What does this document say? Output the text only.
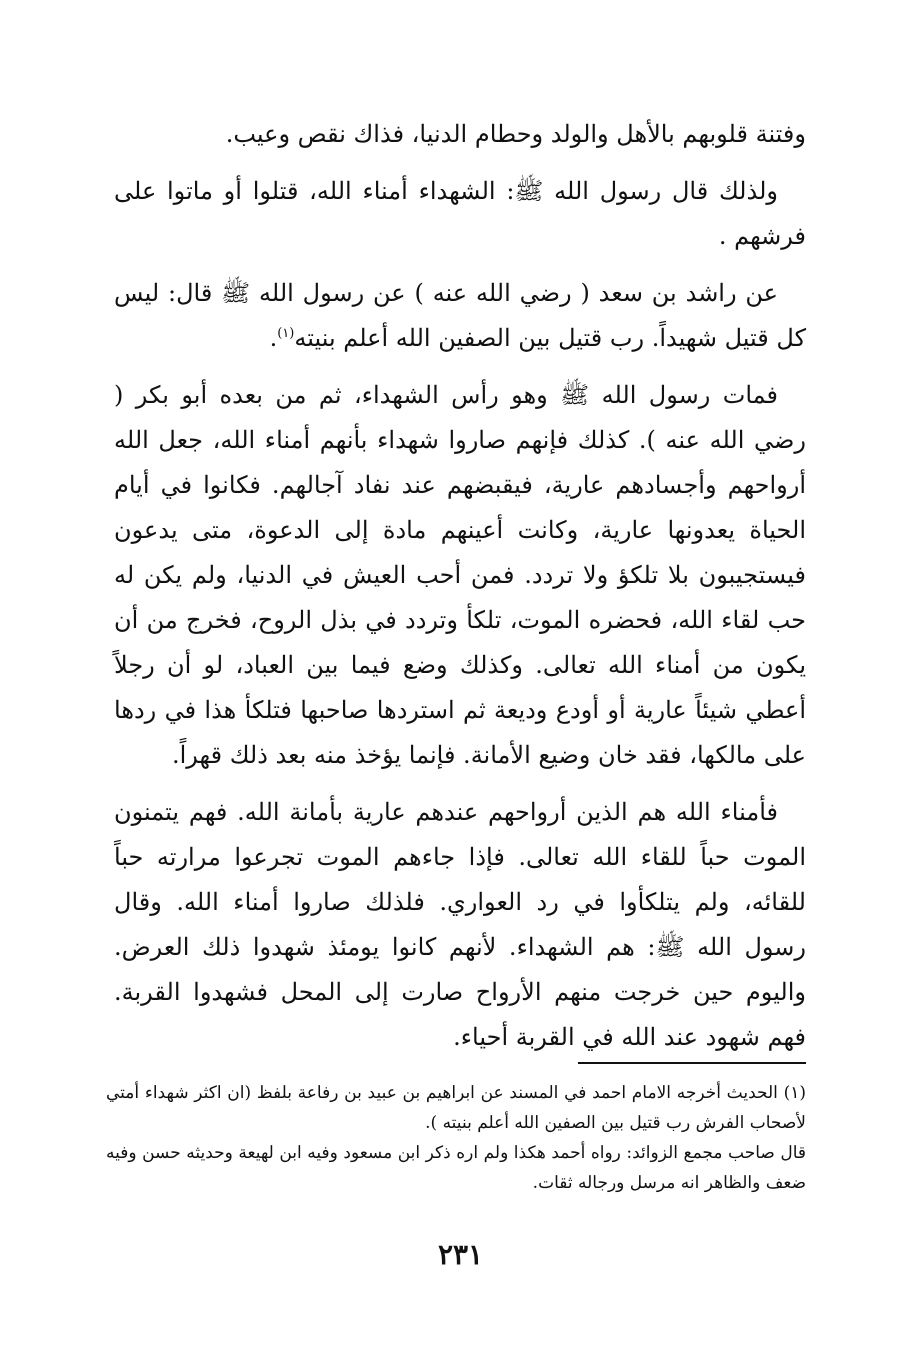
وفتنة قلوبهم بالأهل والولد وحطام الدنيا، فذاك نقص وعيب.

ولذلك قال رسول الله ﷺ: الشهداء أمناء الله، قتلوا أو ماتوا على فرشهم .

عن راشد بن سعد ( رضي الله عنه ) عن رسول الله ﷺ قال: ليس كل قتيل شهيداً. رب قتيل بين الصفين الله أعلم بنيته$^{(١)}$.

فمات رسول الله ﷺ وهو رأس الشهداء، ثم من بعده أبو بكر ( رضي الله عنه ). كذلك فإنهم صاروا شهداء بأنهم أمناء الله، جعل الله أرواحهم وأجسادهم عارية، فيقبضهم عند نفاد آجالهم. فكانوا في أيام الحياة يعدونها عارية، وكانت أعينهم مادة إلى الدعوة، متى يدعون فيستجيبون بلا تلكؤ ولا تردد. فمن أحب العيش في الدنيا، ولم يكن له حب لقاء الله، فحضره الموت، تلكأ وتردد في بذل الروح، فخرج من أن يكون من أمناء الله تعالى. وكذلك وضع فيما بين العباد، لو أن رجلاً أعطي شيئاً عارية أو أودع وديعة ثم استردها صاحبها فتلكأ هذا في ردها على مالكها، فقد خان وضيع الأمانة. فإنما يؤخذ منه بعد ذلك قهراً.

فأمناء الله هم الذين أرواحهم عندهم عارية بأمانة الله. فهم يتمنون الموت حباً للقاء الله تعالى. فإذا جاءهم الموت تجرعوا مرارته حباً للقائه، ولم يتلكأوا في رد العواري. فلذلك صاروا أمناء الله. وقال رسول الله ﷺ: هم الشهداء. لأنهم كانوا يومئذ شهدوا ذلك العرض. واليوم حين خرجت منهم الأرواح صارت إلى المحل فشهدوا القربة. فهم شهود عند الله في القربة أحياء.

(١) الحديث أخرجه الامام احمد في المسند عن ابراهيم بن عبيد بن رفاعة بلفظ (ان اكثر شهداء أمتي لأصحاب الفرش رب قتيل بين الصفين الله أعلم بنيته ).

قال صاحب مجمع الزوائد: رواه أحمد هكذا ولم اره ذكر ابن مسعود وفيه ابن لهيعة وحديثه حسن وفيه ضعف والظاهر انه مرسل ورجاله ثقات.

٢٣١
